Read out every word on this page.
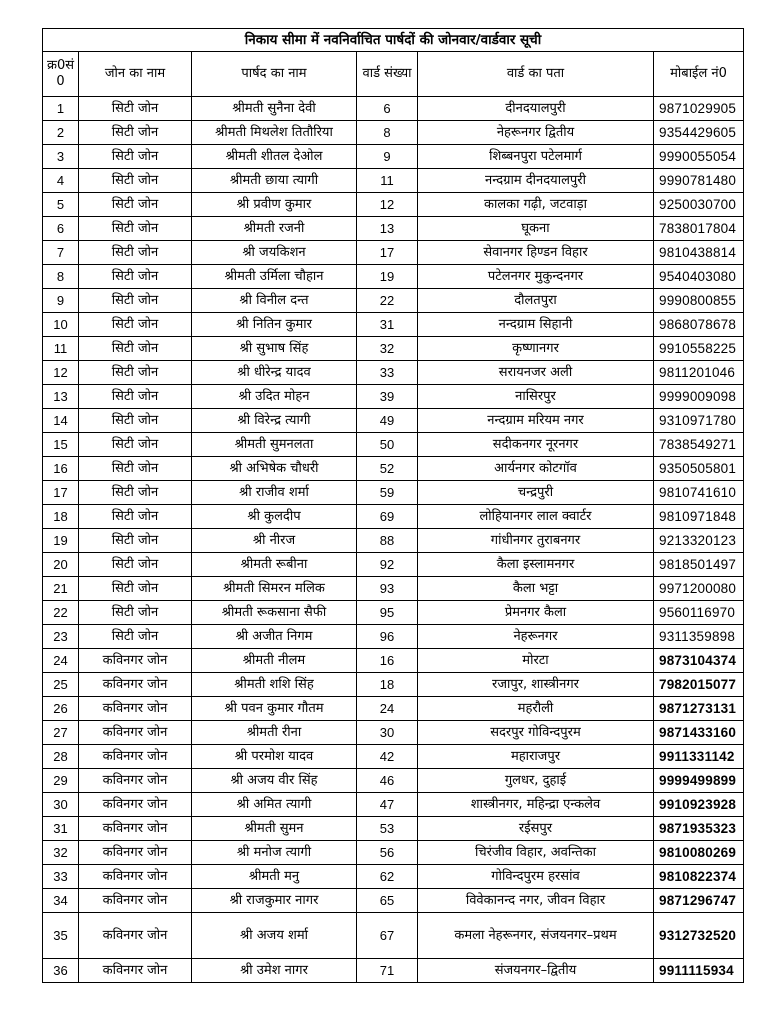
निकाय सीमा में नवनिर्वाचित पार्षदों की जोनवार/वार्डवार सूची					
क्र0सं 0	जोन का नाम	पार्षद का नाम	वार्ड संख्या	वार्ड का पता	मोबाईल नं0
1	सिटी जोन	श्रीमती सुनैना देवी	6	दीनदयालपुरी	9871029905
2	सिटी जोन	श्रीमती मिथलेश तितौरिया	8	नेहरूनगर द्वितीय	9354429605
3	सिटी जोन	श्रीमती शीतल देओल	9	शिब्बनपुरा पटेलमार्ग	9990055054
4	सिटी जोन	श्रीमती छाया त्यागी	11	नन्दग्राम दीनदयालपुरी	9990781480
5	सिटी जोन	श्री प्रवीण कुमार	12	कालका गढ़ी, जटवाड़ा	9250030700
6	सिटी जोन	श्रीमती रजनी	13	घूकना	7838017804
7	सिटी जोन	श्री जयकिशन	17	सेवानगर हिण्डन विहार	9810438814
8	सिटी जोन	श्रीमती उर्मिला चौहान	19	पटेलनगर मुकुन्दनगर	9540403080
9	सिटी जोन	श्री विनील दन्त	22	दौलतपुरा	9990800855
10	सिटी जोन	श्री नितिन कुमार	31	नन्दग्राम सिहानी	9868078678
11	सिटी जोन	श्री सुभाष सिंह	32	कृष्णानगर	9910558225
12	सिटी जोन	श्री धीरेन्द्र यादव	33	सरायनजर अली	9811201046
13	सिटी जोन	श्री उदित मोहन	39	नासिरपुर	9999009098
14	सिटी जोन	श्री विरेन्द्र त्यागी	49	नन्दग्राम मरियम नगर	9310971780
15	सिटी जोन	श्रीमती सुमनलता	50	सदीकनगर नूरनगर	7838549271
16	सिटी जोन	श्री अभिषेक चौधरी	52	आर्यनगर कोटगॉव	9350505801
17	सिटी जोन	श्री राजीव शर्मा	59	चन्द्रपुरी	9810741610
18	सिटी जोन	श्री कुलदीप	69	लोहियानगर लाल क्वार्टर	9810971848
19	सिटी जोन	श्री नीरज	88	गांधीनगर तुराबनगर	9213320123
20	सिटी जोन	श्रीमती रूबीना	92	कैला इस्लामनगर	9818501497
21	सिटी जोन	श्रीमती सिमरन मलिक	93	कैला भट्टा	9971200080
22	सिटी जोन	श्रीमती रूकसाना सैफी	95	प्रेमनगर कैला	9560116970
23	सिटी जोन	श्री अजीत निगम	96	नेहरूनगर	9311359898
24	कविनगर जोन	श्रीमती नीलम	16	मोरटा	9873104374
25	कविनगर जोन	श्रीमती शशि सिंह	18	रजापुर, शास्त्रीनगर	7982015077
26	कविनगर जोन	श्री पवन कुमार गौतम	24	महरौली	9871273131
27	कविनगर जोन	श्रीमती रीना	30	सदरपुर गोविन्दपुरम	9871433160
28	कविनगर जोन	श्री परमोश यादव	42	महाराजपुर	9911331142
29	कविनगर जोन	श्री अजय वीर सिंह	46	गुलधर, दुहाई	9999499899
30	कविनगर जोन	श्री अमित त्यागी	47	शास्त्रीनगर, महिन्द्रा एन्कलेव	9910923928
31	कविनगर जोन	श्रीमती सुमन	53	रईसपुर	9871935323
32	कविनगर जोन	श्री मनोज त्यागी	56	चिरंजीव विहार, अवन्तिका	9810080269
33	कविनगर जोन	श्रीमती मनु	62	गोविन्दपुरम हरसांव	9810822374
34	कविनगर जोन	श्री राजकुमार नागर	65	विवेकानन्द नगर, जीवन विहार	9871296747
35	कविनगर जोन	श्री अजय शर्मा	67	कमला नेहरूनगर, संजयनगर–प्रथम	9312732520
36	कविनगर जोन	श्री उमेश नागर	71	संजयनगर–द्वितीय	9911115934
